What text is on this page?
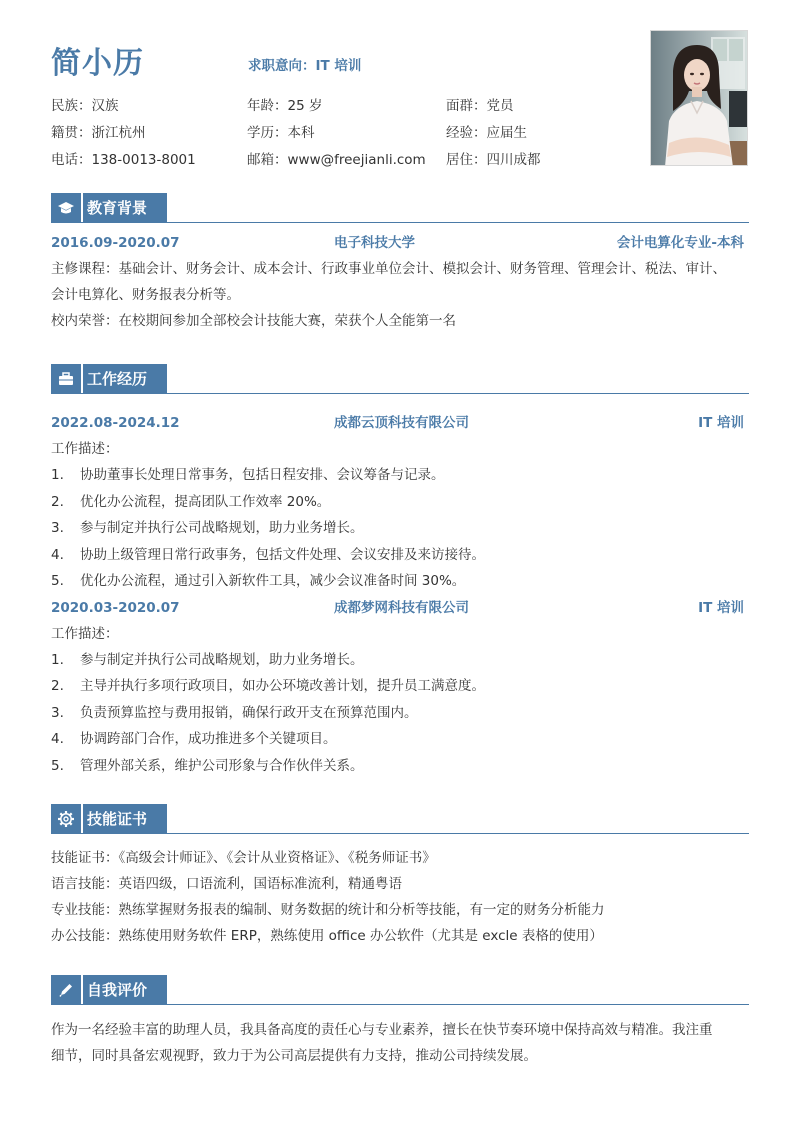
简小历	求职意向：IT 培训
民族：汉族	年龄：25 岁	面群：党员
籍贯：浙江杭州	学历：本科	经验：应届生
电话：138-0013-8001	邮箱：www@freejianli.com 居住：四川成都
教育背景
2016.09-2020.07	电子科技大学	会计电算化专业-本科
主修课程：基础会计、财务会计、成本会计、行政事业单位会计、模拟会计、财务管理、管理会计、税法、审计、
会计电算化、财务报表分析等。
校内荣誉：在校期间参加全部校会计技能大赛，荣获个人全能第一名
工作经历
2022.08-2024.12	成都云顶科技有限公司	IT 培训
工作描述：
1. 协助董事长处理日常事务，包括日程安排、会议筹备与记录。
2. 优化办公流程，提高团队工作效率 20%。
3. 参与制定并执行公司战略规划，助力业务增长。
4. 协助上级管理日常行政事务，包括文件处理、会议安排及来访接待。
5. 优化办公流程，通过引入新软件工具，减少会议准备时间 30%。
2020.03-2020.07	成都梦网科技有限公司	IT 培训
工作描述：
1. 参与制定并执行公司战略规划，助力业务增长。
2. 主导并执行多项行政项目，如办公环境改善计划，提升员工满意度。
3. 负责预算监控与费用报销，确保行政开支在预算范围内。
4. 协调跨部门合作，成功推进多个关键项目。
5. 管理外部关系，维护公司形象与合作伙伴关系。
技能证书
技能证书：《高级会计师证》、《会计从业资格证》、《税务师证书》
语言技能：英语四级，口语流利，国语标准流利，精通粤语
专业技能：熟练掌握财务报表的编制、财务数据的统计和分析等技能，有一定的财务分析能力
办公技能：熟练使用财务软件 ERP，熟练使用 office 办公软件（尤其是 excle 表格的使用）
自我评价
作为一名经验丰富的助理人员，我具备高度的责任心与专业素养，擅长在快节奏环境中保持高效与精准。我注重
细节，同时具备宏观视野，致力于为公司高层提供有力支持，推动公司持续发展。
